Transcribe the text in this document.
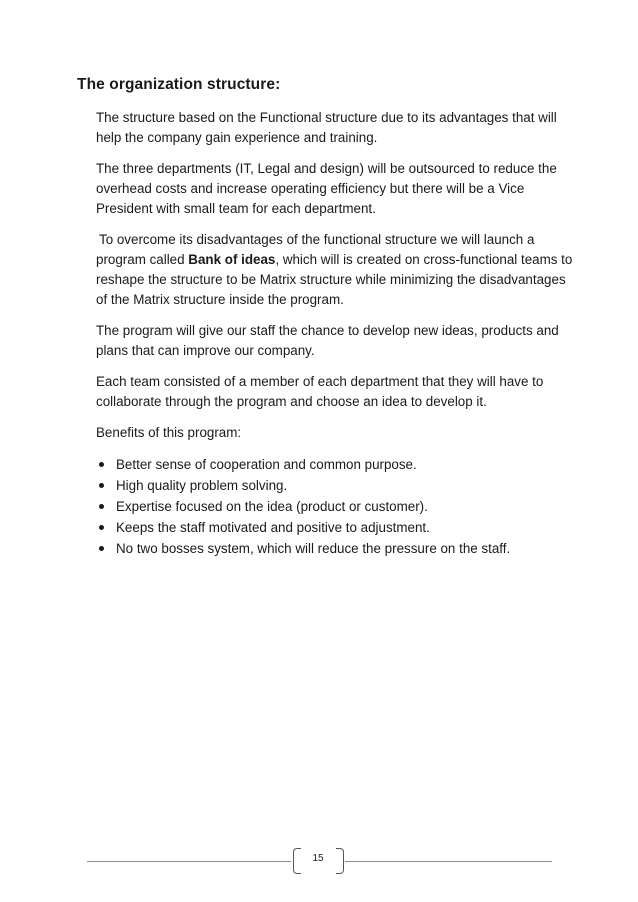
The organization structure:

The structure based on the Functional structure due to its advantages that will help the company gain experience and training.

The three departments (IT, Legal and design) will be outsourced to reduce the overhead costs and increase operating efficiency but there will be a Vice President with small team for each department.

To overcome its disadvantages of the functional structure we will launch a program called Bank of ideas, which will is created on cross-functional teams to reshape the structure to be Matrix structure while minimizing the disadvantages of the Matrix structure inside the program.

The program will give our staff the chance to develop new ideas, products and plans that can improve our company.

Each team consisted of a member of each department that they will have to collaborate through the program and choose an idea to develop it.

Benefits of this program:

Better sense of cooperation and common purpose.
High quality problem solving.
Expertise focused on the idea (product or customer).
Keeps the staff motivated and positive to adjustment.
No two bosses system, which will reduce the pressure on the staff.
15
